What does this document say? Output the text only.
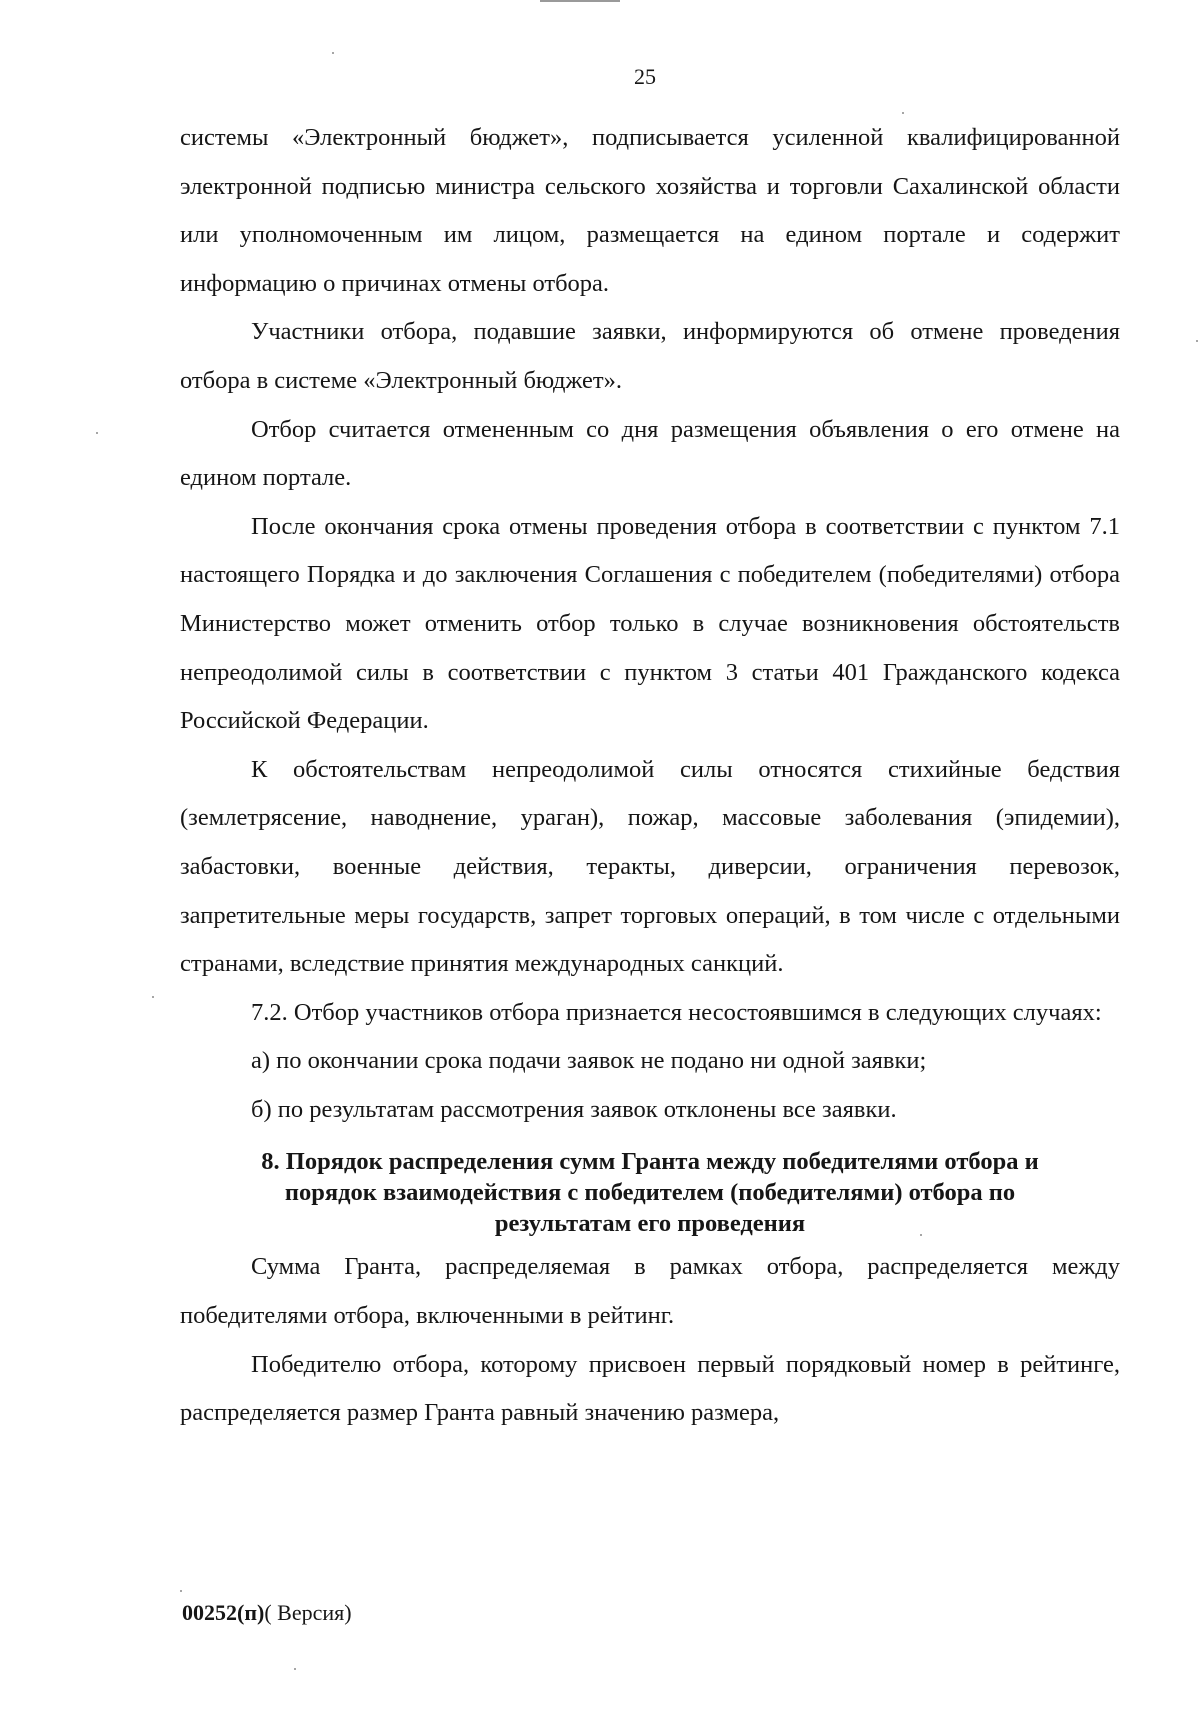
25

системы «Электронный бюджет», подписывается усиленной квалифицированной электронной подписью министра сельского хозяйства и торговли Сахалинской области или уполномоченным им лицом, размещается на едином портале и содержит информацию о причинах отмены отбора.

Участники отбора, подавшие заявки, информируются об отмене проведения отбора в системе «Электронный бюджет».

Отбор считается отмененным со дня размещения объявления о его отмене на едином портале.

После окончания срока отмены проведения отбора в соответствии с пунктом 7.1 настоящего Порядка и до заключения Соглашения с победителем (победителями) отбора Министерство может отменить отбор только в случае возникновения обстоятельств непреодолимой силы в соответствии с пунктом 3 статьи 401 Гражданского кодекса Российской Федерации.

К обстоятельствам непреодолимой силы относятся стихийные бедствия (землетрясение, наводнение, ураган), пожар, массовые заболевания (эпидемии), забастовки, военные действия, теракты, диверсии, ограничения перевозок, запретительные меры государств, запрет торговых операций, в том числе с отдельными странами, вследствие принятия международных санкций.

7.2. Отбор участников отбора признается несостоявшимся в следующих случаях:

а) по окончании срока подачи заявок не подано ни одной заявки;

б) по результатам рассмотрения заявок отклонены все заявки.

8. Порядок распределения сумм Гранта между победителями отбора и порядок взаимодействия с победителем (победителями) отбора по результатам его проведения

Сумма Гранта, распределяемая в рамках отбора, распределяется между победителями отбора, включенными в рейтинг.

Победителю отбора, которому присвоен первый порядковый номер в рейтинге, распределяется размер Гранта равный значению размера,

00252(п)( Версия)
